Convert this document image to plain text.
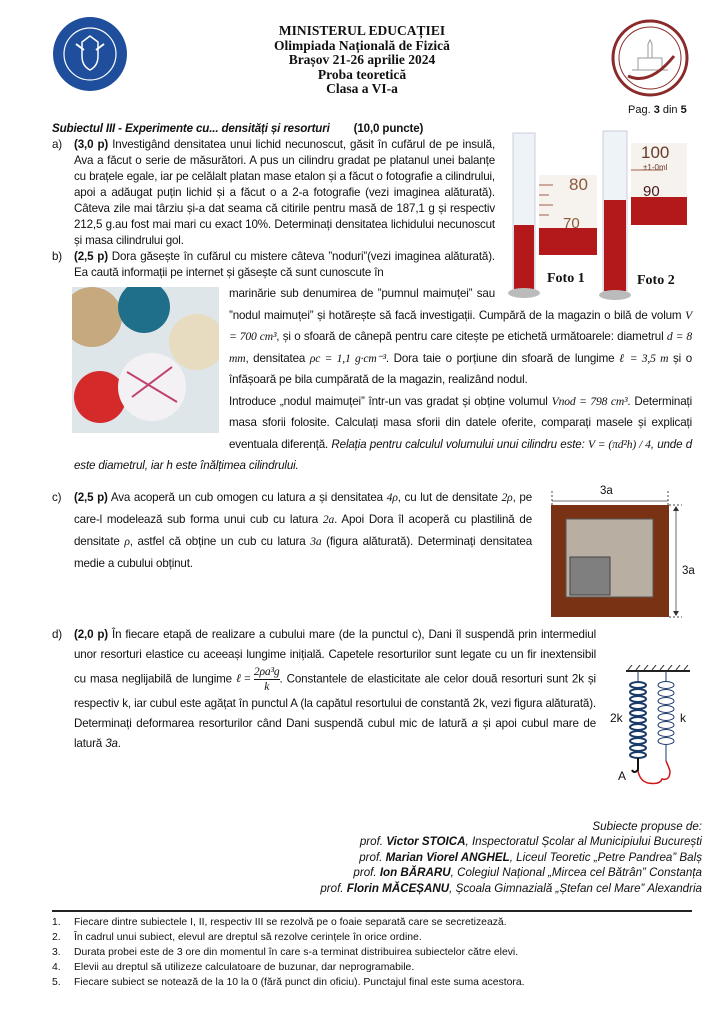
MINISTERUL EDUCAȚIEI
Olimpiada Națională de Fizică
Brașov 21-26 aprilie 2024
Proba teoretică
Clasa a VI-a
Pag. 3 din 5
80
70
100
±1-0ml
90
Foto 1	Foto 2
Subiectul III - Experimente cu... densități și resorturi (10,0 puncte)
a) (3,0 p) Investigând densitatea unui lichid necunoscut, găsit în cufărul de pe insulă, Ava a făcut o serie de măsurători. A pus un cilindru gradat pe platanul unei balanțe cu brațele egale, iar pe celălalt platan mase etalon și a făcut o fotografie a cilindrului, apoi a adăugat puțin lichid și a făcut o a 2-a fotografie (vezi imaginea alăturată). Câteva zile mai târziu și-a dat seama că citirile pentru masă de 187,1 g și respectiv 212,5 g.au fost mai mari cu exact 10%. Determinați densitatea lichidului necunoscut și masa cilindrului gol.
b) (2,5 p) Dora găsește în cufărul cu mistere câteva ”noduri”(vezi imaginea alăturată). Ea caută informații pe internet și găsește că sunt cunoscute în
marinărie sub denumirea de ”pumnul maimuței” sau ”nodul maimuței” și hotărește să facă investigații. Cumpără de la magazin o bilă de volum V = 700 cm³, și o sfoară de cânepă pentru care citește pe etichetă următoarele: diametrul d = 8 mm, densitatea ρc = 1,1 g·cm⁻³. Dora taie o porțiune din sfoară de lungime ℓ = 3,5 m și o înfășoară pe bila cumpărată de la magazin, realizând nodul.
Introduce „nodul maimuței” într-un vas gradat și obține volumul Vnod = 798 cm³. Determinați masa sforii folosite. Calculați masa sforii din datele oferite, comparați masele și explicați eventuala diferență. Relația pentru calculul volumului unui cilindru este: V = (πd²h) / 4, unde d este diametrul, iar h este înălțimea cilindrului.
3a
3a
c) (2,5 p) Ava acoperă un cub omogen cu latura a și densitatea 4ρ, cu lut de densitate 2ρ, pe care-l modelează sub forma unui cub cu latura 2a. Apoi Dora îl acoperă cu plastilină de densitate ρ, astfel că obține un cub cu latura 3a (figura alăturată). Determinați densitatea medie a cubului obținut.
2k	k
A
d) (2,0 p) În fiecare etapă de realizare a cubului mare (de la punctul c), Dani îl suspendă prin intermediul unor resorturi elastice cu aceeași lungime inițială. Capetele resorturilor sunt legate cu un fir inextensibil cu masa neglijabilă de lungime ℓ = $\frac{\text{2ρa³g}}{k}$ . Constantele de elasticitate ale celor două resorturi sunt 2k și respectiv k, iar cubul este agățat în punctul A (la capătul resortului de constantă 2k, vezi figura alăturată). Determinați deformarea resorturilor când Dani suspendă cubul mic de latură a și apoi cubul mare de latură 3a.
Subiecte propuse de:
prof. Victor STOICA, Inspectoratul Școlar al Municipiului București
prof. Marian Viorel ANGHEL, Liceul Teoretic „Petre Pandrea” Balș
prof. Ion BĂRARU, Colegiul Național „Mircea cel Bătrân” Constanța
prof. Florin MĂCEȘANU, Școala Gimnazială „Ștefan cel Mare” Alexandria
1. Fiecare dintre subiectele I, II, respectiv III se rezolvă pe o foaie separată care se secretizează.
2. În cadrul unui subiect, elevul are dreptul să rezolve cerințele în orice ordine.
3. Durata probei este de 3 ore din momentul în care s-a terminat distribuirea subiectelor către elevi.
4. Elevii au dreptul să utilizeze calculatoare de buzunar, dar neprogramabile.
5. Fiecare subiect se notează de la 10 la 0 (fără punct din oficiu). Punctajul final este suma acestora.
